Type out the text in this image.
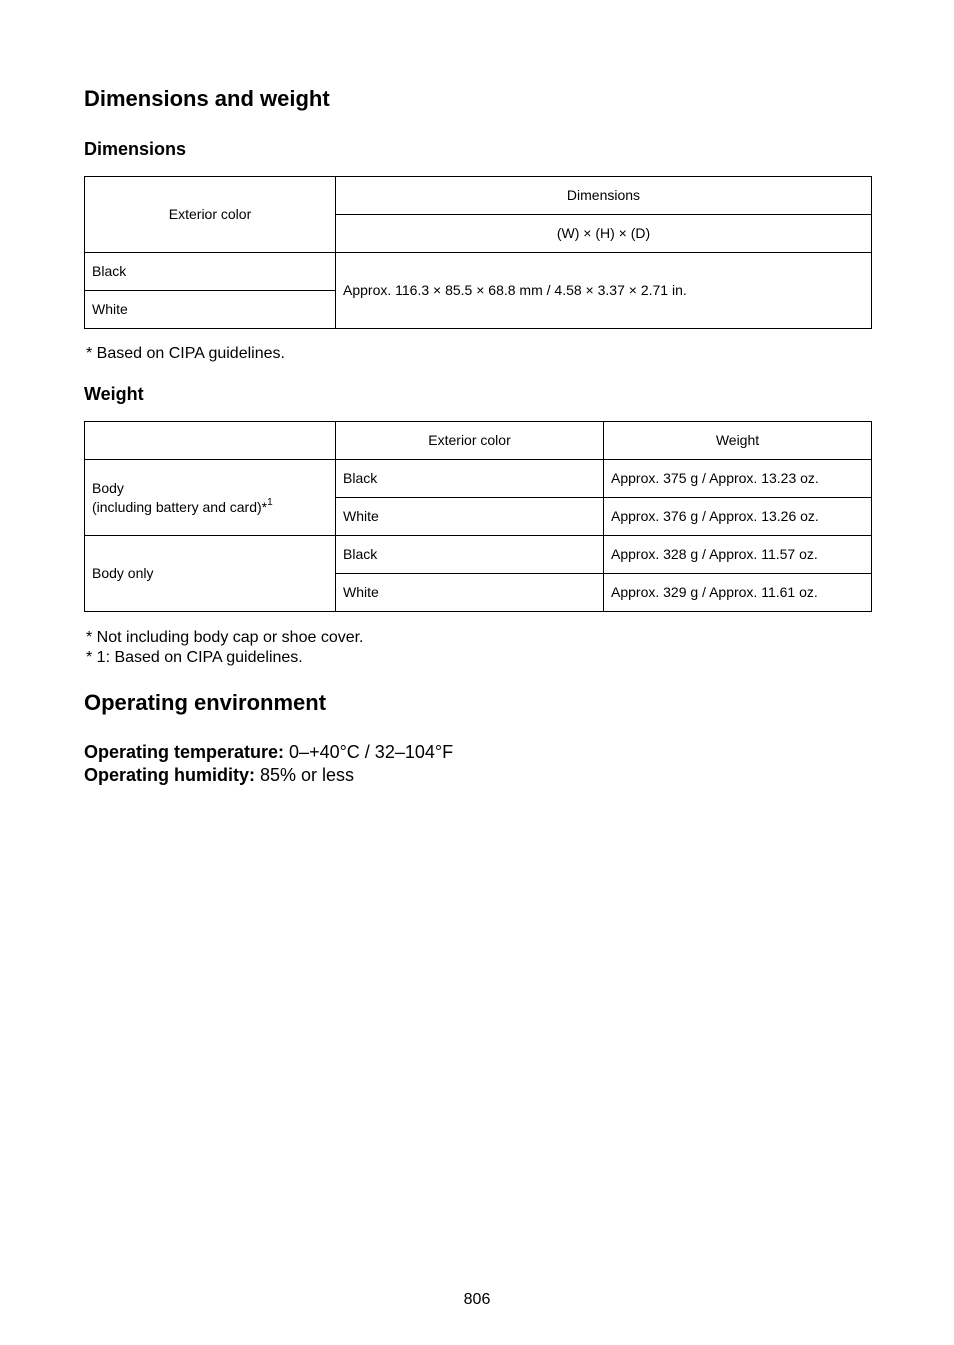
Dimensions and weight
Dimensions
Exterior color	Dimensions
	(W) × (H) × (D)
Black	Approx. 116.3 × 85.5 × 68.8 mm / 4.58 × 3.37 × 2.71 in.
White	
* Based on CIPA guidelines.
Weight
	Exterior color	Weight
Body
(including battery and card)*$^1$	Black	Approx. 375 g / Approx. 13.23 oz.
	White	Approx. 376 g / Approx. 13.26 oz.
Body only	Black	Approx. 328 g / Approx. 11.57 oz.
	White	Approx. 329 g / Approx. 11.61 oz.
* Not including body cap or shoe cover.
* 1: Based on CIPA guidelines.
Operating environment
Operating temperature: 0–+40°C / 32–104°F
Operating humidity: 85% or less
806
